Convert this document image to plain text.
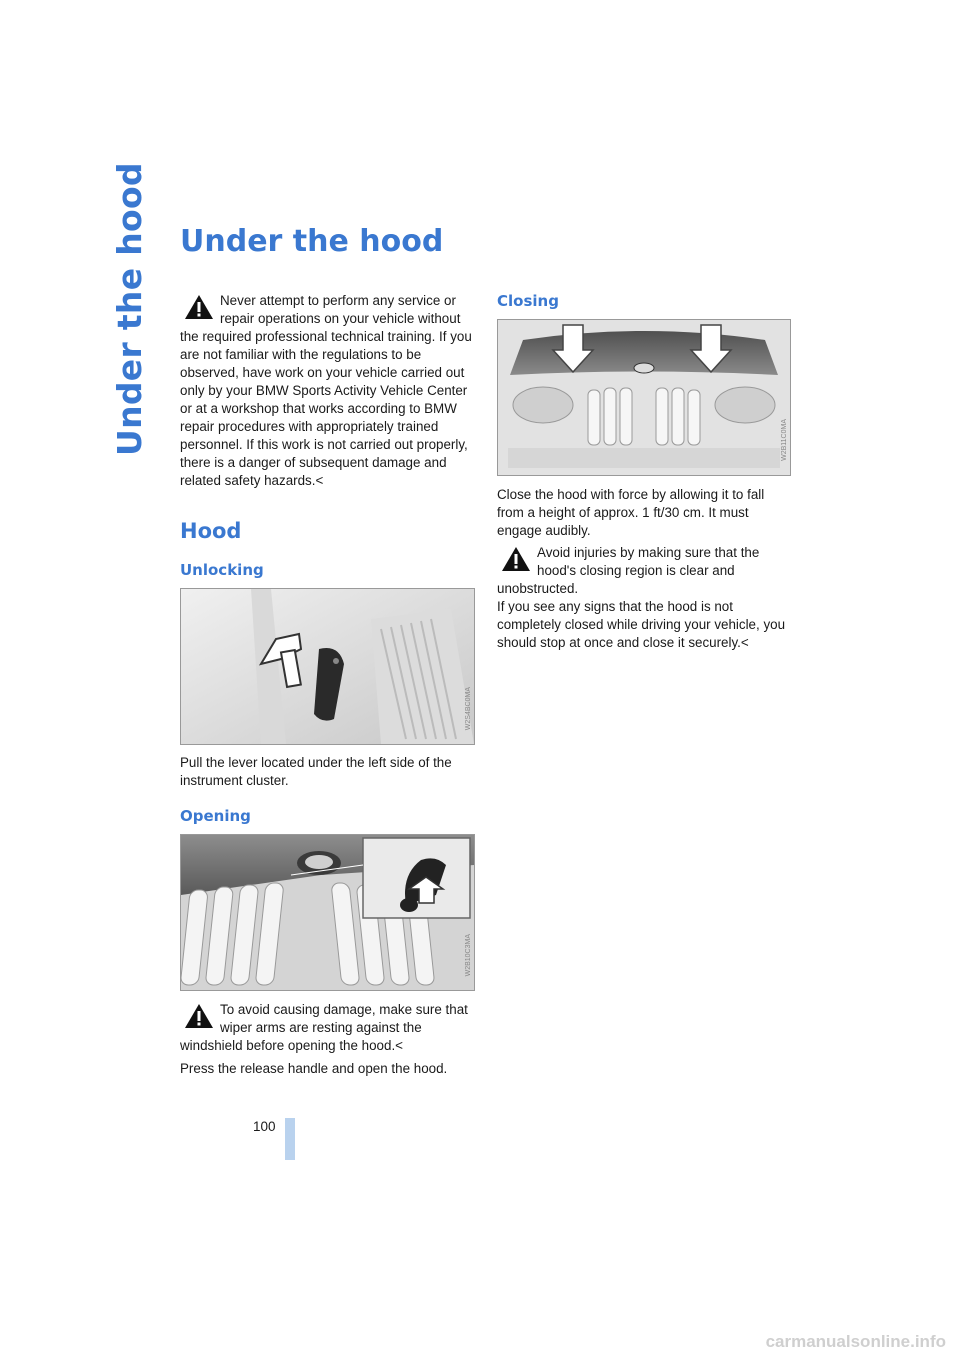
Under the hood Under the hood

Never attempt to perform any service or repair operations on your vehicle without the required professional technical training. If you are not familiar with the regulations to be observed, have work on your vehicle carried out only by your BMW Sports Activity Vehicle Center or at a workshop that works according to BMW repair procedures with appropriately trained personnel. If this work is not carried out properly, there is a danger of subsequent damage and related safety hazards.<

Hood
Unlocking
W2S4BC0MA

Pull the lever located under the left side of the instrument cluster.

Opening
W2B10C3MA

To avoid causing damage, make sure that wiper arms are resting against the windshield before opening the hood.<

Press the release handle and open the hood.

Closing
W2B11C0MA

Close the hood with force by allowing it to fall from a height of approx. 1 ft/30 cm. It must engage audibly.

Avoid injuries by making sure that the hood's closing region is clear and unobstructed.

If you see any signs that the hood is not completely closed while driving your vehicle, you should stop at once and close it securely.<

100
carmanualsonline.info
